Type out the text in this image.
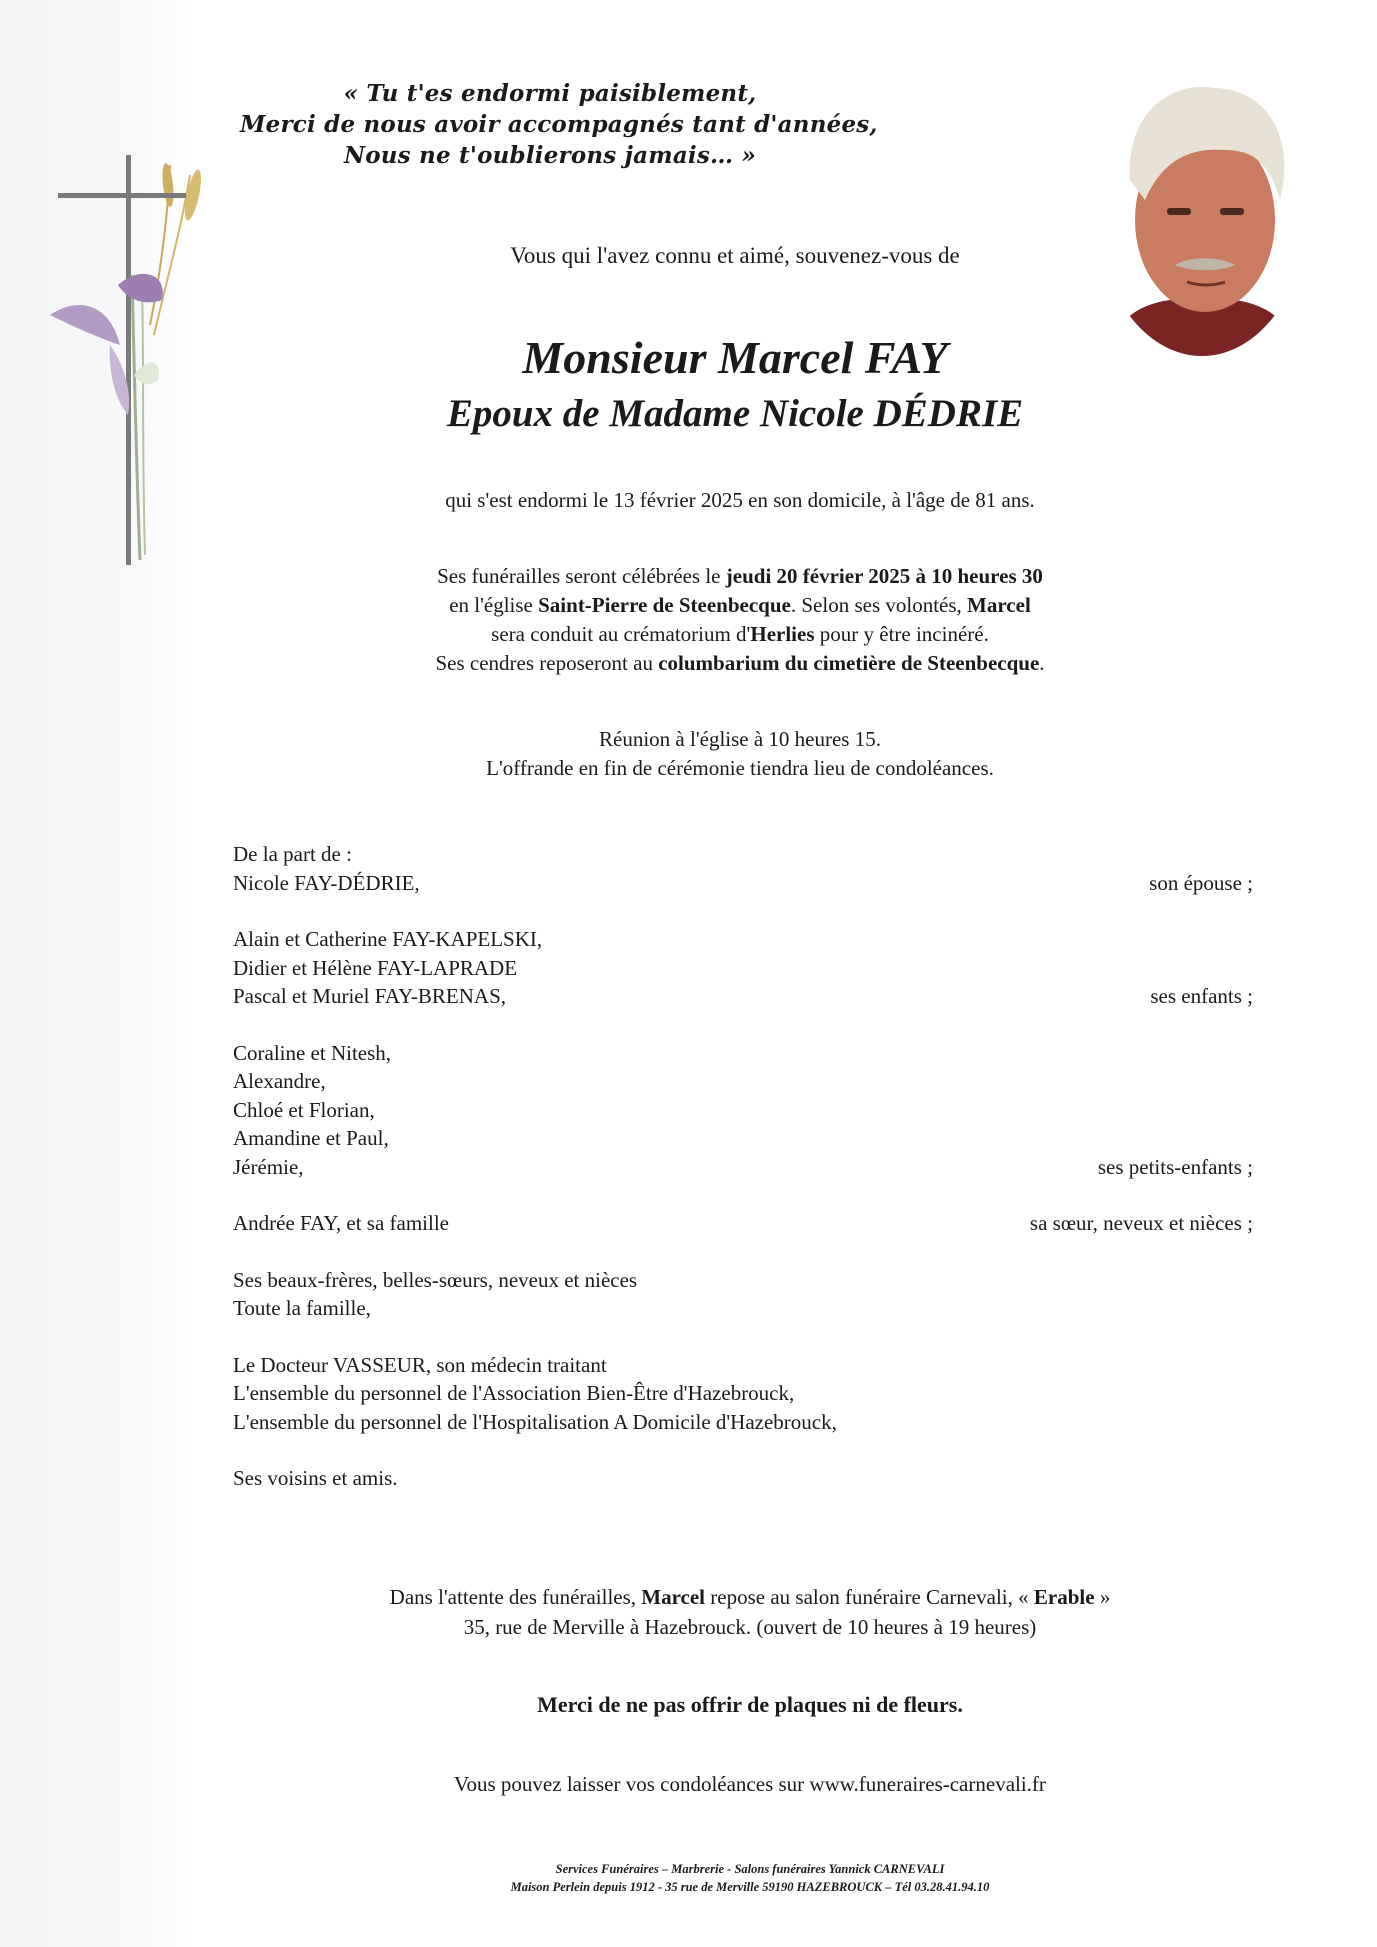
« Tu t'es endormi paisiblement,
Merci de nous avoir accompagnés tant d'années,
Nous ne t'oublierons jamais… »
Vous qui l'avez connu et aimé, souvenez-vous de
Monsieur Marcel FAY
Epoux de Madame Nicole DÉDRIE
qui s'est endormi le 13 février 2025 en son domicile, à l'âge de 81 ans.
Ses funérailles seront célébrées le jeudi 20 février 2025 à 10 heures 30
en l'église Saint-Pierre de Steenbecque. Selon ses volontés, Marcel
sera conduit au crématorium d'Herlies pour y être incinéré.
Ses cendres reposeront au columbarium du cimetière de Steenbecque.
Réunion à l'église à 10 heures 15.
L'offrande en fin de cérémonie tiendra lieu de condoléances.
De la part de :
Nicole FAY-DÉDRIE,	son épouse ;
Alain et Catherine FAY-KAPELSKI,
Didier et Hélène FAY-LAPRADE
Pascal et Muriel FAY-BRENAS,	ses enfants ;
Coraline et Nitesh,
Alexandre,
Chloé et Florian,
Amandine et Paul,
Jérémie,	ses petits-enfants ;
Andrée FAY, et sa famille	sa sœur, neveux et nièces ;
Ses beaux-frères, belles-sœurs, neveux et nièces
Toute la famille,
Le Docteur VASSEUR, son médecin traitant
L'ensemble du personnel de l'Association Bien-Être d'Hazebrouck,
L'ensemble du personnel de l'Hospitalisation A Domicile d'Hazebrouck,
Ses voisins et amis.
Dans l'attente des funérailles, Marcel repose au salon funéraire Carnevali, « Erable »
35, rue de Merville à Hazebrouck. (ouvert de 10 heures à 19 heures)
Merci de ne pas offrir de plaques ni de fleurs.
Vous pouvez laisser vos condoléances sur www.funeraires-carnevali.fr
Services Funéraires – Marbrerie - Salons funéraires Yannick CARNEVALI
Maison Perlein depuis 1912 - 35 rue de Merville 59190 HAZEBROUCK – Tél 03.28.41.94.10
